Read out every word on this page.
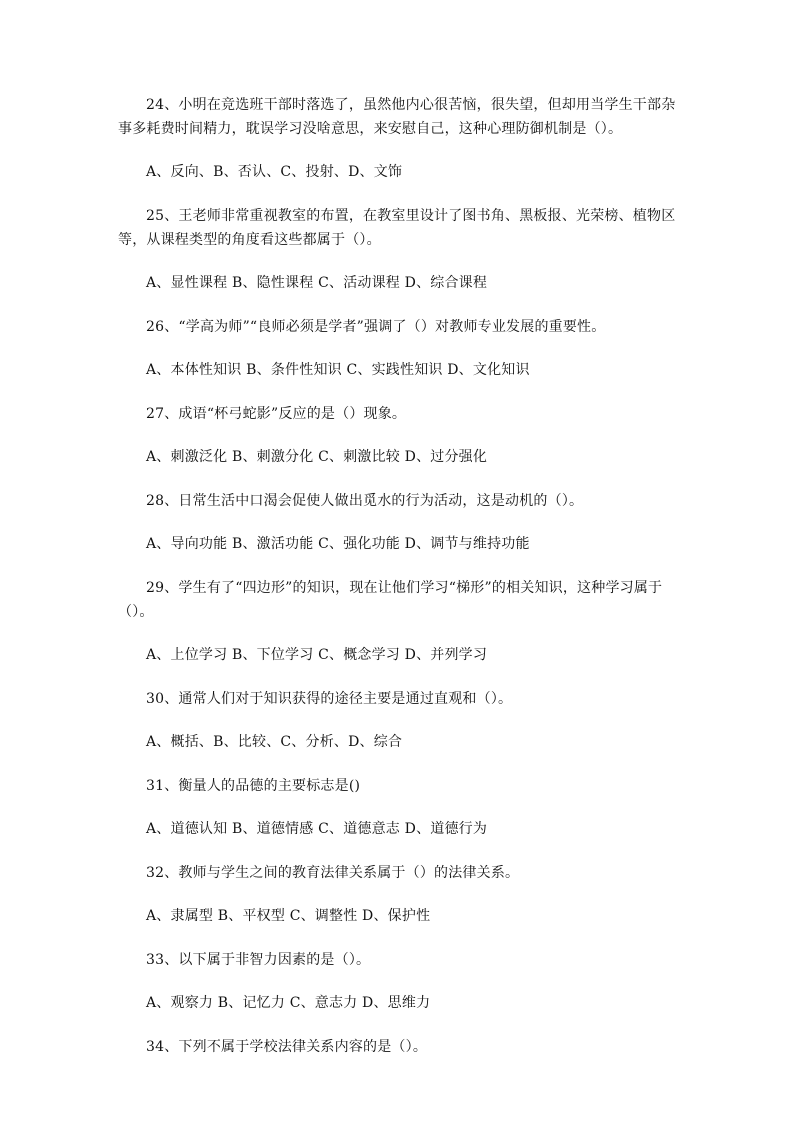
24、小明在竞选班干部时落选了，虽然他内心很苦恼，很失望，但却用当学生干部杂事多耗费时间精力，耽误学习没啥意思，来安慰自己，这种心理防御机制是（）。

A、反向、B、否认、C、投射、D、文饰

25、王老师非常重视教室的布置，在教室里设计了图书角、黑板报、光荣榜、植物区等，从课程类型的角度看这些都属于（）。

A、显性课程 B、隐性课程 C、活动课程 D、综合课程

26、“学高为师”“良师必须是学者”强调了（）对教师专业发展的重要性。

A、本体性知识 B、条件性知识 C、实践性知识 D、文化知识

27、成语“杯弓蛇影”反应的是（）现象。

A、刺激泛化 B、刺激分化 C、刺激比较 D、过分强化

28、日常生活中口渴会促使人做出觅水的行为活动，这是动机的（）。

A、导向功能 B、激活功能 C、强化功能 D、调节与维持功能

29、学生有了“四边形”的知识，现在让他们学习“梯形”的相关知识，这种学习属于（）。

A、上位学习 B、下位学习 C、概念学习 D、并列学习

30、通常人们对于知识获得的途径主要是通过直观和（）。

A、概括、B、比较、C、分析、D、综合

31、衡量人的品德的主要标志是()

A、道德认知 B、道德情感 C、道德意志 D、道德行为

32、教师与学生之间的教育法律关系属于（）的法律关系。

A、隶属型 B、平权型 C、调整性 D、保护性

33、以下属于非智力因素的是（）。

A、观察力 B、记忆力 C、意志力 D、思维力

34、下列不属于学校法律关系内容的是（）。
